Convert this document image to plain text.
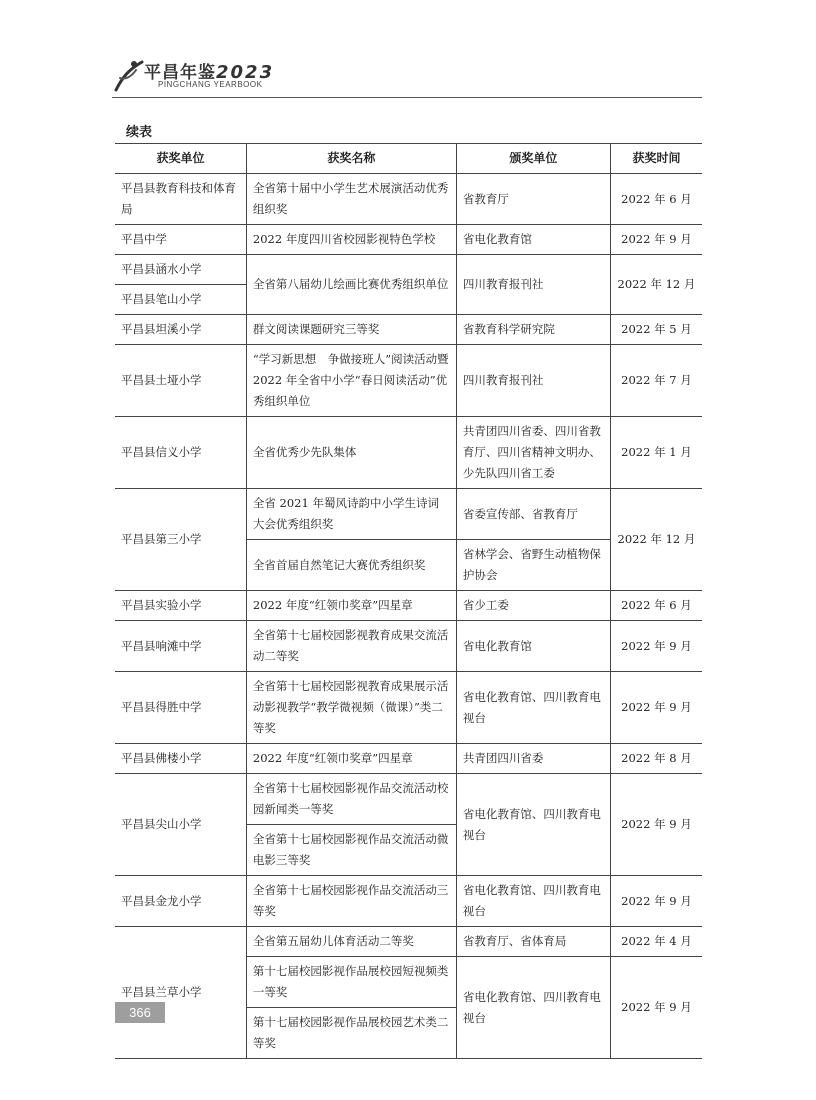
平昌年鉴2023
PINGCHANG YEARBOOK
续表
获奖单位	获奖名称	颁奖单位	获奖时间
平昌县教育科技和体育局	全省第十届中小学生艺术展演活动优秀组织奖	省教育厅	2022 年 6 月
平昌中学	2022 年度四川省校园影视特色学校	省电化教育馆	2022 年 9 月
平昌县涵水小学	全省第八届幼儿绘画比赛优秀组织单位	四川教育报刊社	2022 年 12 月
平昌县笔山小学			
平昌县坦溪小学	群文阅读课题研究三等奖	省教育科学研究院	2022 年 5 月
平昌县土垭小学	“学习新思想　争做接班人”阅读活动暨2022 年全省中小学“春日阅读活动”优秀组织单位	四川教育报刊社	2022 年 7 月
平昌县信义小学	全省优秀少先队集体	共青团四川省委、四川省教育厅、四川省精神文明办、少先队四川省工委	2022 年 1 月
平昌县第三小学	全省 2021 年蜀风诗韵中小学生诗词大会优秀组织奖	省委宣传部、省教育厅	2022 年 12 月
	全省首届自然笔记大赛优秀组织奖	省林学会、省野生动植物保护协会	
平昌县实验小学	2022 年度“红领巾奖章”四星章	省少工委	2022 年 6 月
平昌县响滩中学	全省第十七届校园影视教育成果交流活动二等奖	省电化教育馆	2022 年 9 月
平昌县得胜中学	全省第十七届校园影视教育成果展示活动影视教学“教学微视频（微课）”类二等奖	省电化教育馆、四川教育电视台	2022 年 9 月
平昌县佛楼小学	2022 年度“红领巾奖章”四星章	共青团四川省委	2022 年 8 月
平昌县尖山小学	全省第十七届校园影视作品交流活动校园新闻类一等奖	省电化教育馆、四川教育电视台	2022 年 9 月
	全省第十七届校园影视作品交流活动微电影三等奖		
平昌县金龙小学	全省第十七届校园影视作品交流活动三等奖	省电化教育馆、四川教育电视台	2022 年 9 月
平昌县兰草小学	全省第五届幼儿体育活动二等奖	省教育厅、省体育局	2022 年 4 月
	第十七届校园影视作品展校园短视频类一等奖	省电化教育馆、四川教育电视台	2022 年 9 月
	第十七届校园影视作品展校园艺术类二等奖		
366
